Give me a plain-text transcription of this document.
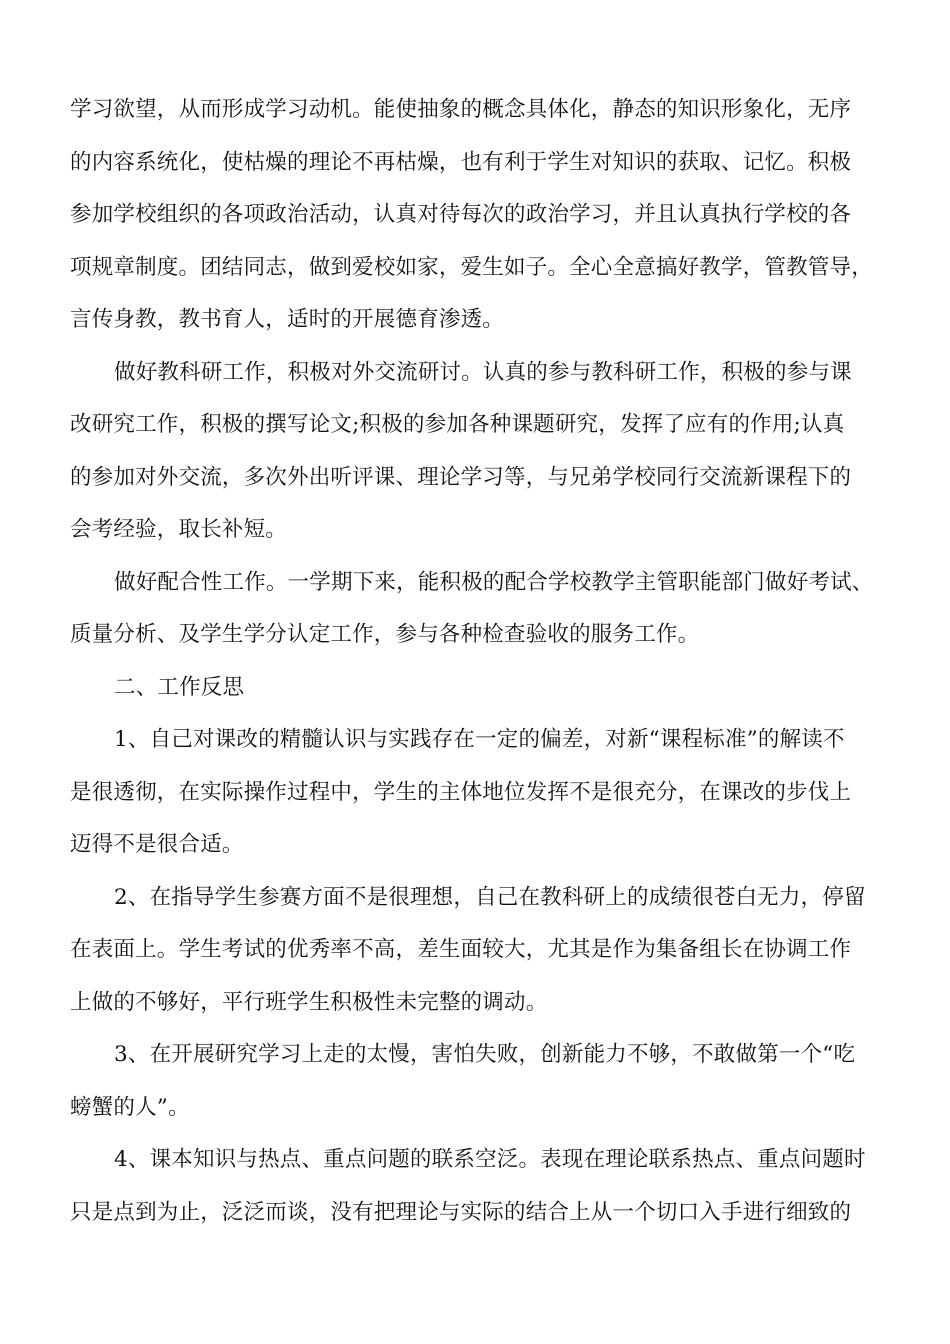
学习欲望，从而形成学习动机。能使抽象的概念具体化，静态的知识形象化，无序
的内容系统化，使枯燥的理论不再枯燥，也有利于学生对知识的获取、记忆。积极
参加学校组织的各项政治活动，认真对待每次的政治学习，并且认真执行学校的各
项规章制度。团结同志，做到爱校如家，爱生如子。全心全意搞好教学，管教管导，
言传身教，教书育人，适时的开展德育渗透。
做好教科研工作，积极对外交流研讨。认真的参与教科研工作，积极的参与课
改研究工作，积极的撰写论文;积极的参加各种课题研究，发挥了应有的作用;认真
的参加对外交流，多次外出听评课、理论学习等，与兄弟学校同行交流新课程下的
会考经验，取长补短。
做好配合性工作。一学期下来，能积极的配合学校教学主管职能部门做好考试、
质量分析、及学生学分认定工作，参与各种检查验收的服务工作。
二、工作反思
1、自己对课改的精髓认识与实践存在一定的偏差，对新“课程标准”的解读不
是很透彻，在实际操作过程中，学生的主体地位发挥不是很充分，在课改的步伐上
迈得不是很合适。
2、在指导学生参赛方面不是很理想，自己在教科研上的成绩很苍白无力，停留
在表面上。学生考试的优秀率不高，差生面较大，尤其是作为集备组长在协调工作
上做的不够好，平行班学生积极性未完整的调动。
3、在开展研究学习上走的太慢，害怕失败，创新能力不够，不敢做第一个“吃
螃蟹的人”。
4、课本知识与热点、重点问题的联系空泛。表现在理论联系热点、重点问题时
只是点到为止，泛泛而谈，没有把理论与实际的结合上从一个切口入手进行细致的
